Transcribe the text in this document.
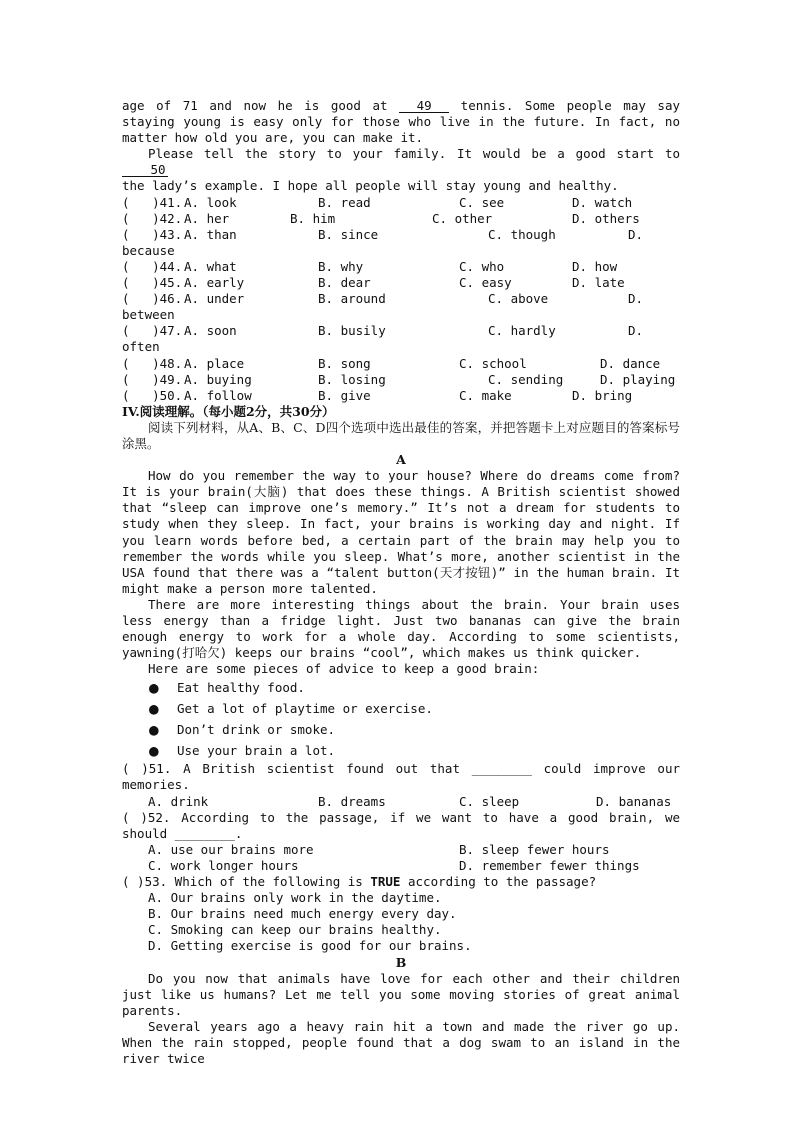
age of 71 and now he is good at 49 tennis. Some people may say staying young is easy only for those who live in the future. In fact, no matter how old you are, you can make it.

Please tell the story to your family. It would be a good start to 50
the lady’s example. I hope all people will stay young and healthy.

(   )41. A. look	B. read	C. see	D. watch
(   )42. A. her	B. him	C. other	D. others
(   )43. A. than	B. since	C. though	D.
because
(   )44. A. what	B. why	C. who	D. how
(   )45. A. early	B. dear	C. easy	D. late
(   )46. A. under	B. around	C. above	D.
between
(   )47. A. soon	B. busily	C. hardly	D.
often
(   )48. A. place	B. song	C. school	D. dance
(   )49. A. buying	B. losing	C. sending	D. playing
(   )50. A. follow	B. give	C. make	D. bring

IV.阅读理解。（每小题2分，共30分）

阅读下列材料，从A、B、C、D四个选项中选出最佳的答案，并把答题卡上对应题目的答案标号涂黑。

A

How do you remember the way to your house? Where do dreams come from? It is your brain(大脑) that does these things. A British scientist showed that “sleep can improve one’s memory.” It’s not a dream for students to study when they sleep. In fact, your brains is working day and night. If you learn words before bed, a certain part of the brain may help you to remember the words while you sleep. What’s more, another scientist in the USA found that there was a “talent button(天才按钮)” in the human brain. It might make a person more talented.

There are more interesting things about the brain. Your brain uses less energy than a fridge light. Just two bananas can give the brain enough energy to work for a whole day. According to some scientists, yawning(打哈欠) keeps our brains “cool”, which makes us think quicker.

Here are some pieces of advice to keep a good brain:

● Eat healthy food.
● Get a lot of playtime or exercise.
● Don’t drink or smoke.
● Use your brain a lot.

( )51. A British scientist found out that ________ could improve our memories.

A. drink	B. dreams	C. sleep	D. bananas

( )52. According to the passage, if we want to have a good brain, we should ________.

A. use our brains more	B. sleep fewer hours
C. work longer hours	D. remember fewer things

( )53. Which of the following is TRUE according to the passage?

A. Our brains only work in the daytime.

B. Our brains need much energy every day.

C. Smoking can keep our brains healthy.

D. Getting exercise is good for our brains.

B

Do you now that animals have love for each other and their children just like us humans? Let me tell you some moving stories of great animal parents.

Several years ago a heavy rain hit a town and made the river go up. When the rain stopped, people found that a dog swam to an island in the river twice
